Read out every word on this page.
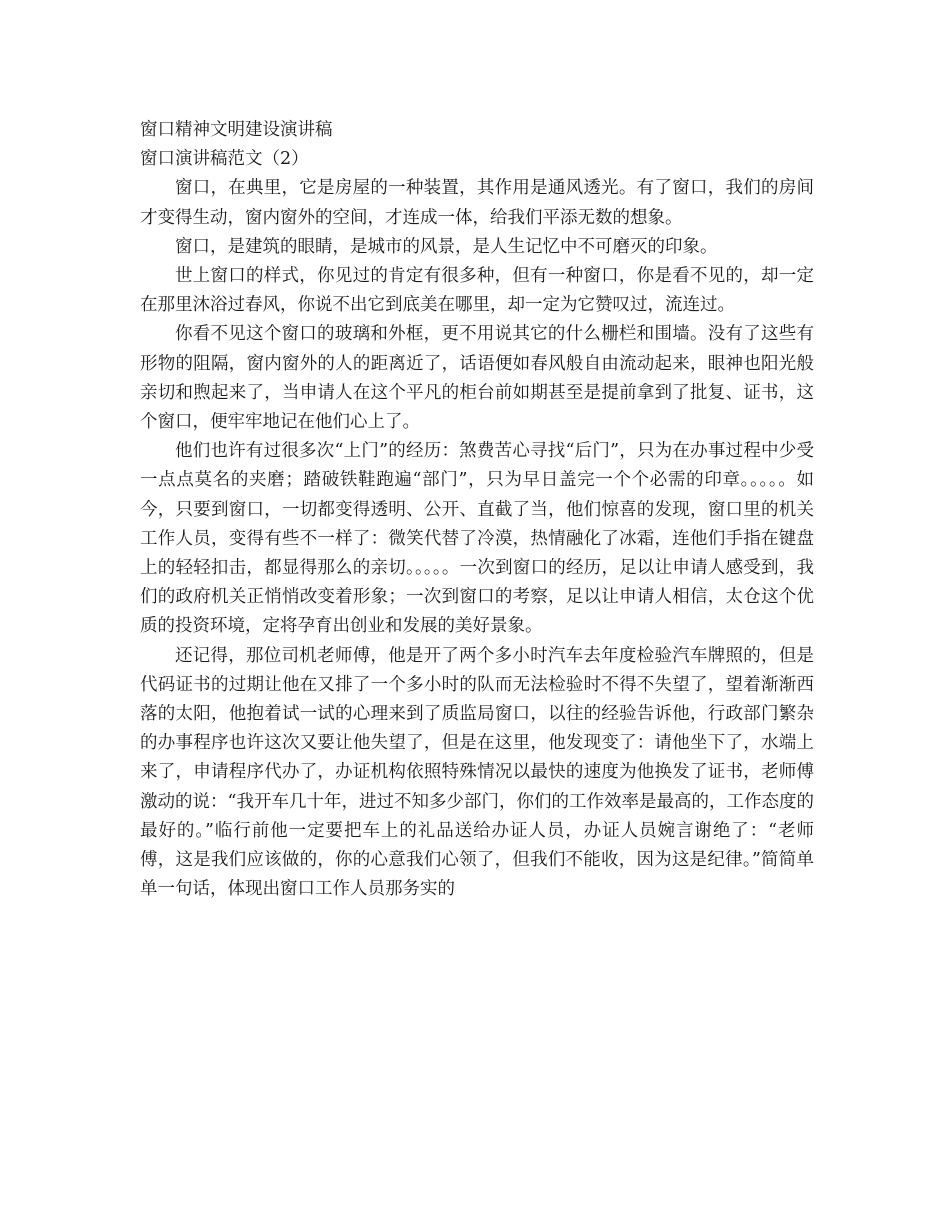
窗口精神文明建设演讲稿

窗口演讲稿范文（2）

窗口，在典里，它是房屋的一种装置，其作用是通风透光。有了窗口，我们的房间才变得生动，窗内窗外的空间，才连成一体，给我们平添无数的想象。

窗口，是建筑的眼睛，是城市的风景，是人生记忆中不可磨灭的印象。

世上窗口的样式，你见过的肯定有很多种，但有一种窗口，你是看不见的，却一定在那里沐浴过春风，你说不出它到底美在哪里，却一定为它赞叹过，流连过。

你看不见这个窗口的玻璃和外框，更不用说其它的什么栅栏和围墙。没有了这些有形物的阻隔，窗内窗外的人的距离近了，话语便如春风般自由流动起来，眼神也阳光般亲切和煦起来了，当申请人在这个平凡的柜台前如期甚至是提前拿到了批复、证书，这个窗口，便牢牢地记在他们心上了。

他们也许有过很多次“上门”的经历：煞费苦心寻找“后门”，只为在办事过程中少受一点点莫名的夹磨；踏破铁鞋跑遍“部门”，只为早日盖完一个个必需的印章。。。。。如今，只要到窗口，一切都变得透明、公开、直截了当，他们惊喜的发现，窗口里的机关工作人员，变得有些不一样了：微笑代替了冷漠，热情融化了冰霜，连他们手指在键盘上的轻轻扣击，都显得那么的亲切。。。。。一次到窗口的经历，足以让申请人感受到，我们的政府机关正悄悄改变着形象；一次到窗口的考察，足以让申请人相信，太仓这个优质的投资环境，定将孕育出创业和发展的美好景象。

还记得，那位司机老师傅，他是开了两个多小时汽车去年度检验汽车牌照的，但是代码证书的过期让他在又排了一个多小时的队而无法检验时不得不失望了，望着渐渐西落的太阳，他抱着试一试的心理来到了质监局窗口，以往的经验告诉他，行政部门繁杂的办事程序也许这次又要让他失望了，但是在这里，他发现变了：请他坐下了，水端上来了，申请程序代办了，办证机构依照特殊情况以最快的速度为他换发了证书，老师傅激动的说：“我开车几十年，进过不知多少部门，你们的工作效率是最高的，工作态度的最好的。”临行前他一定要把车上的礼品送给办证人员，办证人员婉言谢绝了：“老师傅，这是我们应该做的，你的心意我们心领了，但我们不能收，因为这是纪律。”简简单单一句话，体现出窗口工作人员那务实的
